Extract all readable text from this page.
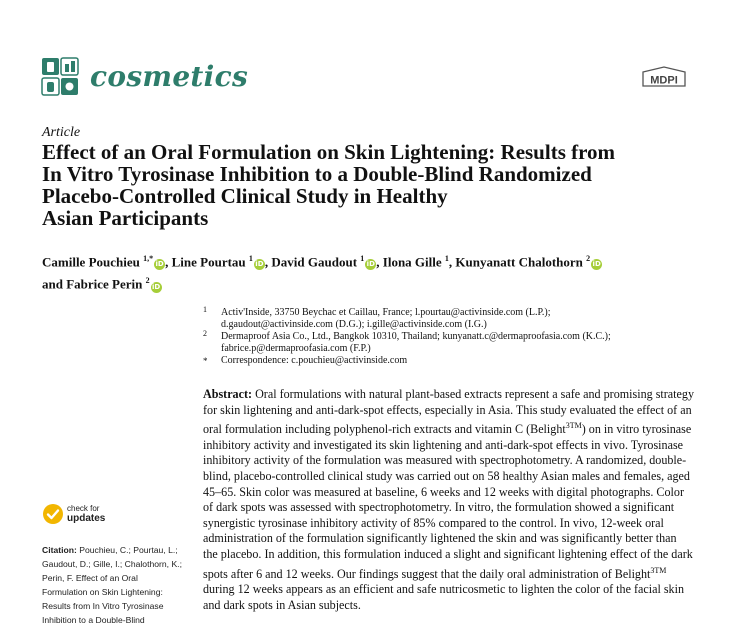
cosmetics	MDPI
Article
Effect of an Oral Formulation on Skin Lightening: Results from
In Vitro Tyrosinase Inhibition to a Double-Blind Randomized
Placebo-Controlled Clinical Study in Healthy
Asian Participants
Camille Pouchieu $^{1,*}$iD, Line Pourtau $^1$iD, David Gaudout $^1$iD, Ilona Gille $^1$, Kunyanatt Chalothorn $^2$iD
and Fabrice Perin $^2$iD
1 Activ'Inside, 33750 Beychac et Caillau, France; l.pourtau@activinside.com (L.P.);
d.gaudout@activinside.com (D.G.); i.gille@activinside.com (I.G.)
2 Dermaproof Asia Co., Ltd., Bangkok 10310, Thailand; kunyanatt.c@dermaproofasia.com (K.C.);
fabrice.p@dermaproofasia.com (F.P.)
* Correspondence: c.pouchieu@activinside.com
Abstract: Oral formulations with natural plant-based extracts represent a safe and promising strategy
for skin lightening and anti-dark-spot effects, especially in Asia. This study evaluated the effect of an
oral formulation including polyphenol-rich extracts and vitamin C (Belight$^{3TM}$) on in vitro tyrosinase
inhibitory activity and investigated its skin lightening and anti-dark-spot effects in vivo. Tyrosinase
inhibitory activity of the formulation was measured with spectrophotometry. A randomized, double-
blind, placebo-controlled clinical study was carried out on 58 healthy Asian males and females, aged
45–65. Skin color was measured at baseline, 6 weeks and 12 weeks with digital photographs. Color
of dark spots was assessed with spectrophotometry. In vitro, the formulation showed a significant
synergistic tyrosinase inhibitory activity of 85% compared to the control. In vivo, 12-week oral
administration of the formulation significantly lightened the skin and was significantly better than
the placebo. In addition, this formulation induced a slight and significant lightening effect of the dark
spots after 6 and 12 weeks. Our findings suggest that the daily oral administration of Belight$^{3TM}$
during 12 weeks appears as an efficient and safe nutricosmetic to lighten the color of the facial skin
and dark spots in Asian subjects.
check for
updates
Citation: Pouchieu, C.; Pourtau, L.;
Gaudout, D.; Gille, I.; Chalothorn, K.;
Perin, F. Effect of an Oral
Formulation on Skin Lightening:
Results from In Vitro Tyrosinase
Inhibition to a Double-Blind
